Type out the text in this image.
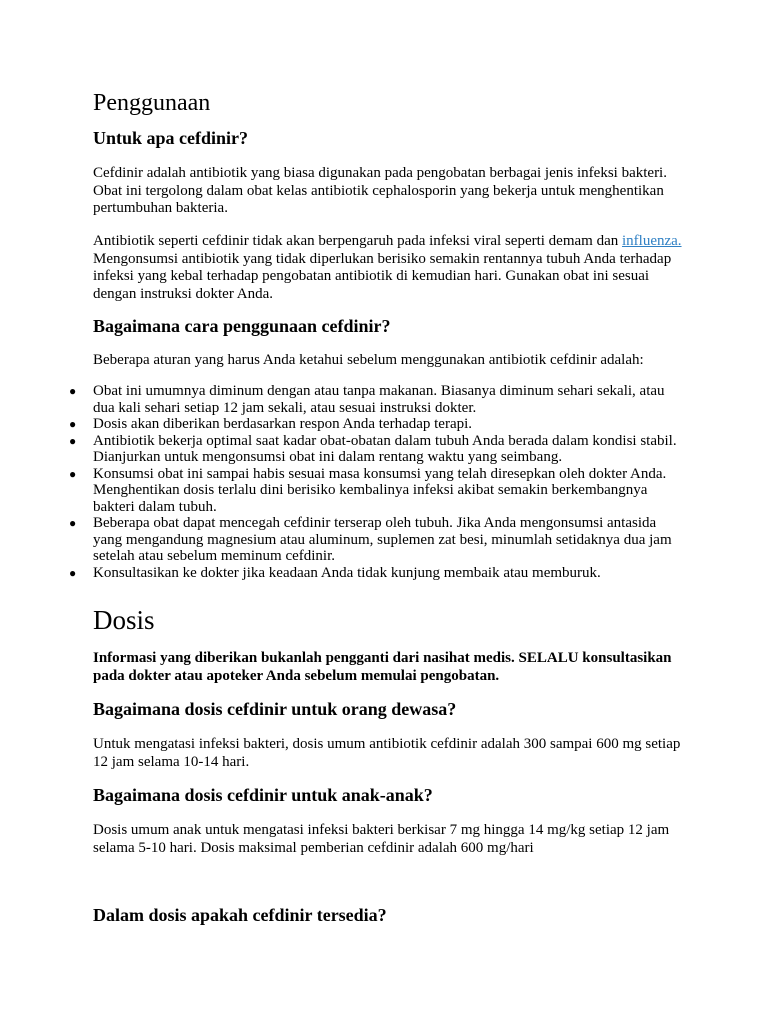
Penggunaan
Untuk apa cefdinir?

Cefdinir adalah antibiotik yang biasa digunakan pada pengobatan berbagai jenis infeksi bakteri. Obat ini tergolong dalam obat kelas antibiotik cephalosporin yang bekerja untuk menghentikan pertumbuhan bakteria.

Antibiotik seperti cefdinir tidak akan berpengaruh pada infeksi viral seperti demam dan influenza. Mengonsumsi antibiotik yang tidak diperlukan berisiko semakin rentannya tubuh Anda terhadap infeksi yang kebal terhadap pengobatan antibiotik di kemudian hari. Gunakan obat ini sesuai dengan instruksi dokter Anda.

Bagaimana cara penggunaan cefdinir?

Beberapa aturan yang harus Anda ketahui sebelum menggunakan antibiotik cefdinir adalah:

● Obat ini umumnya diminum dengan atau tanpa makanan. Biasanya diminum sehari sekali, atau dua kali sehari setiap 12 jam sekali, atau sesuai instruksi dokter.
● Dosis akan diberikan berdasarkan respon Anda terhadap terapi.
● Antibiotik bekerja optimal saat kadar obat-obatan dalam tubuh Anda berada dalam kondisi stabil. Dianjurkan untuk mengonsumsi obat ini dalam rentang waktu yang seimbang.
● Konsumsi obat ini sampai habis sesuai masa konsumsi yang telah diresepkan oleh dokter Anda. Menghentikan dosis terlalu dini berisiko kembalinya infeksi akibat semakin berkembangnya bakteri dalam tubuh.
● Beberapa obat dapat mencegah cefdinir terserap oleh tubuh. Jika Anda mengonsumsi antasida yang mengandung magnesium atau aluminum, suplemen zat besi, minumlah setidaknya dua jam setelah atau sebelum meminum cefdinir.
● Konsultasikan ke dokter jika keadaan Anda tidak kunjung membaik atau memburuk.
Dosis

Informasi yang diberikan bukanlah pengganti dari nasihat medis. SELALU konsultasikan pada dokter atau apoteker Anda sebelum memulai pengobatan.

Bagaimana dosis cefdinir untuk orang dewasa?

Untuk mengatasi infeksi bakteri, dosis umum antibiotik cefdinir adalah 300 sampai 600 mg setiap 12 jam selama 10-14 hari.

Bagaimana dosis cefdinir untuk anak-anak?

Dosis umum anak untuk mengatasi infeksi bakteri berkisar 7 mg hingga 14 mg/kg setiap 12 jam selama 5-10 hari. Dosis maksimal pemberian cefdinir adalah 600 mg/hari

Dalam dosis apakah cefdinir tersedia?
